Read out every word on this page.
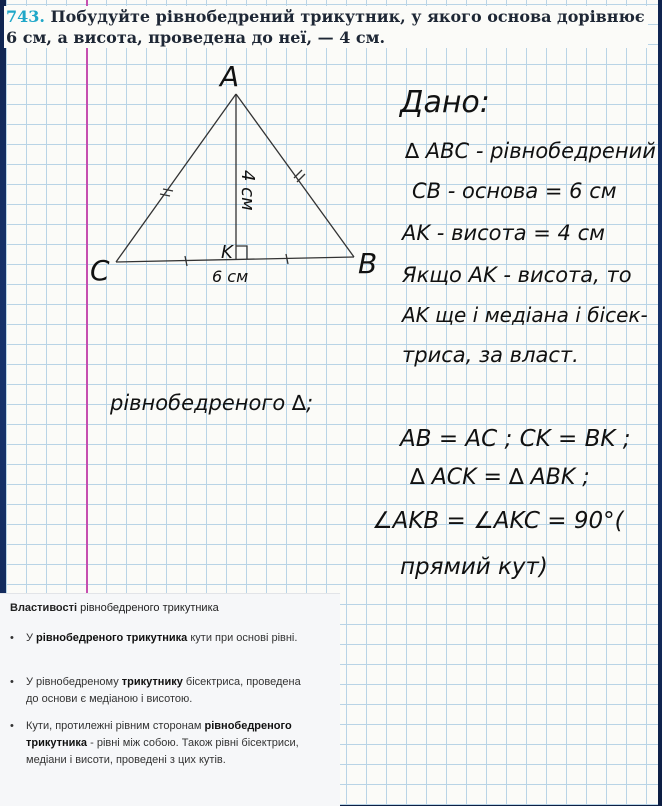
743. Побудуйте рівнобедрений трикутник, у якого основа дорівнює 6 см, а висота, проведена до неї, — 4 см.
A
B
C
K
4 см
6 см
Дано:
∆ ABC - рівнобедрений
CB - основа = 6 см
AK - висота = 4 см
Якщо AK - висота, то
AK ще і медіана і бісек-
триса, за власт.
рівнобедреного ∆;
AB = AC ; CK = BK ;
∆ ACK = ∆ ABK ;
∠AKB = ∠AKC = 90°(
прямий кут)
Властивості рівнобедреного трикутника
• У рівнобедреного трикутника кути при основі рівні.
• У рівнобедреному трикутнику бісектриса, проведена до основи є медіаною і висотою.
• Кути, протилежні рівним сторонам рівнобедреного трикутника - рівні між собою. Також рівні бісектриси, медіани і висоти, проведені з цих кутів.
